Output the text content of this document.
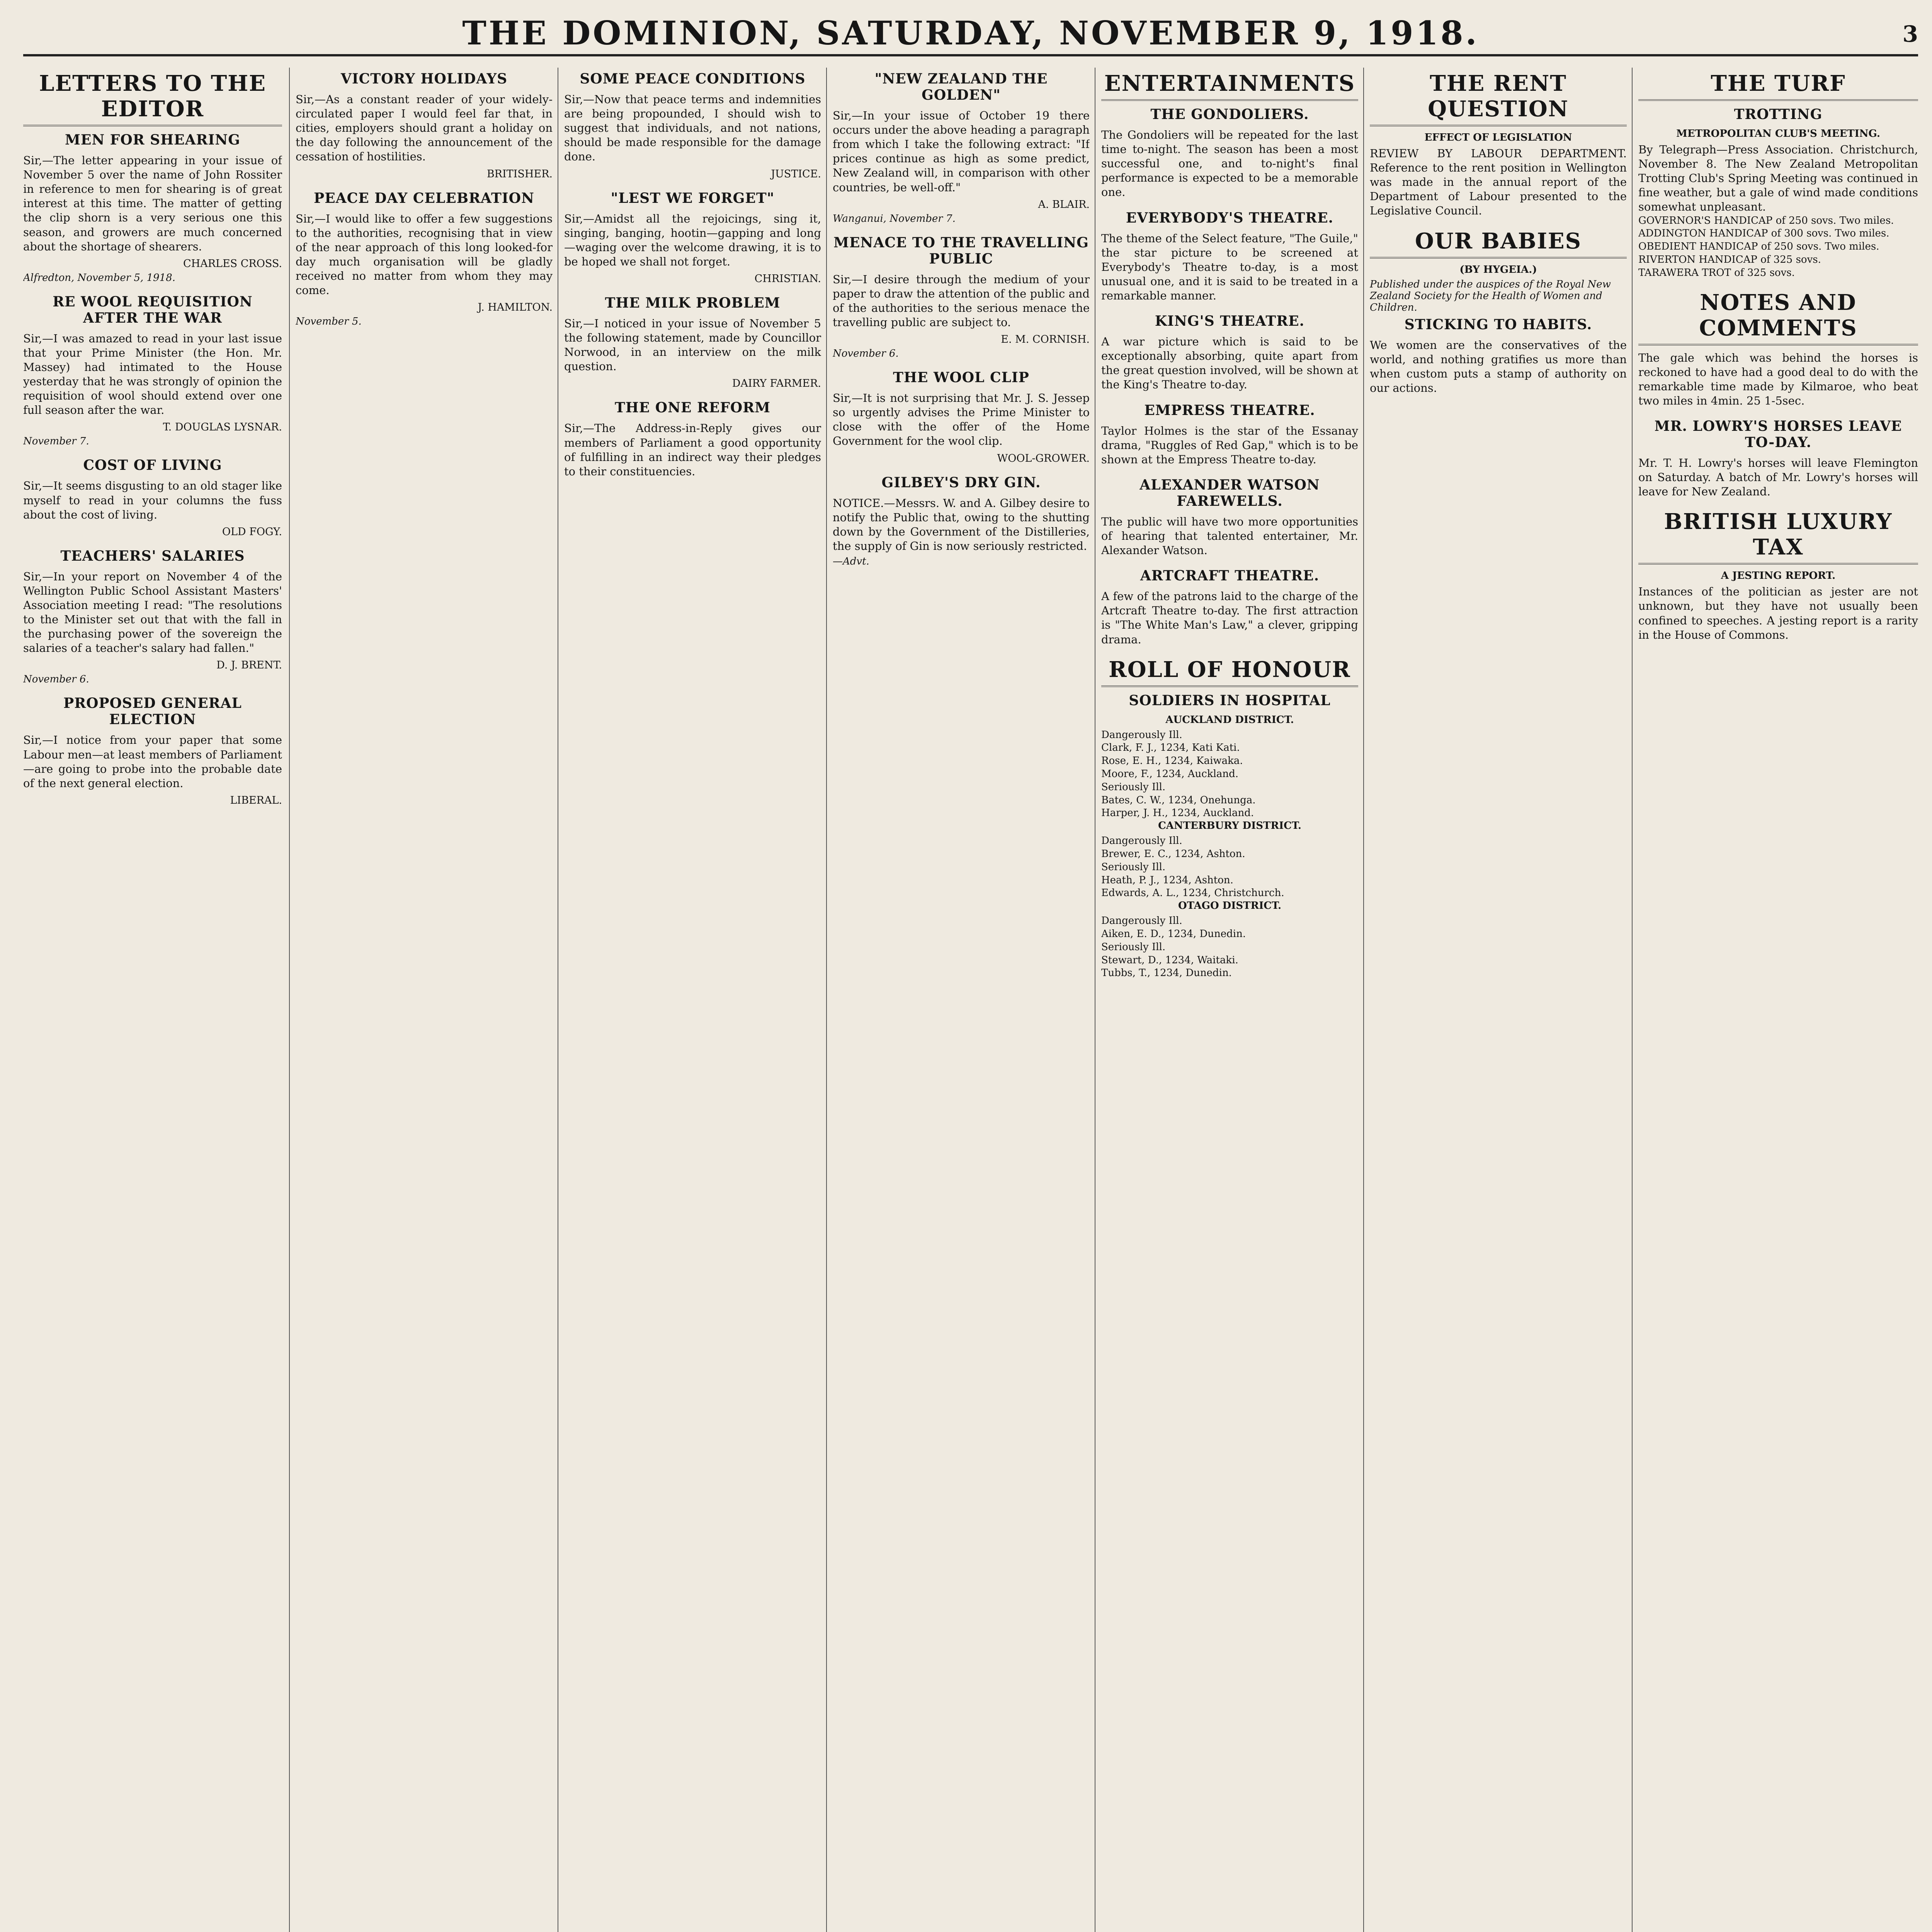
THE DOMINION, SATURDAY, NOVEMBER 9, 1918.	3
LETTERS TO THE EDITOR
MEN FOR SHEARING

Sir,—The letter appearing in your issue of November 5 over the name of John Rossiter in reference to men for shearing is of great interest at this time. The matter of getting the clip shorn is a very serious one this season, and growers are much concerned about the shortage of shearers.

CHARLES CROSS.

Alfredton, November 5, 1918.

RE WOOL REQUISITION AFTER THE WAR

Sir,—I was amazed to read in your last issue that your Prime Minister (the Hon. Mr. Massey) had intimated to the House yesterday that he was strongly of opinion the requisition of wool should extend over one full season after the war.

T. DOUGLAS LYSNAR.

November 7.

COST OF LIVING

Sir,—It seems disgusting to an old stager like myself to read in your columns the fuss about the cost of living.

OLD FOGY.

TEACHERS' SALARIES

Sir,—In your report on November 4 of the Wellington Public School Assistant Masters' Association meeting I read: "The resolutions to the Minister set out that with the fall in the purchasing power of the sovereign the salaries of a teacher's salary had fallen."

D. J. BRENT.

November 6.

PROPOSED GENERAL ELECTION

Sir,—I notice from your paper that some Labour men—at least members of Parliament—are going to probe into the probable date of the next general election.

LIBERAL.

VICTORY HOLIDAYS

Sir,—As a constant reader of your widely-circulated paper I would feel far that, in cities, employers should grant a holiday on the day following the announcement of the cessation of hostilities.

BRITISHER.

PEACE DAY CELEBRATION

Sir,—I would like to offer a few suggestions to the authorities, recognising that in view of the near approach of this long looked-for day much organisation will be gladly received no matter from whom they may come.

J. HAMILTON.

November 5.

SOME PEACE CONDITIONS

Sir,—Now that peace terms and indemnities are being propounded, I should wish to suggest that individuals, and not nations, should be made responsible for the damage done.

JUSTICE.

"LEST WE FORGET"

Sir,—Amidst all the rejoicings, sing it, singing, banging, hootin—gapping and long—waging over the welcome drawing, it is to be hoped we shall not forget.

CHRISTIAN.

THE MILK PROBLEM

Sir,—I noticed in your issue of November 5 the following statement, made by Councillor Norwood, in an interview on the milk question.

DAIRY FARMER.

THE ONE REFORM

Sir,—The Address-in-Reply gives our members of Parliament a good opportunity of fulfilling in an indirect way their pledges to their constituencies.

"NEW ZEALAND THE GOLDEN"

Sir,—In your issue of October 19 there occurs under the above heading a paragraph from which I take the following extract: "If prices continue as high as some predict, New Zealand will, in comparison with other countries, be well-off."

A. BLAIR.

Wanganui, November 7.

MENACE TO THE TRAVELLING PUBLIC

Sir,—I desire through the medium of your paper to draw the attention of the public and of the authorities to the serious menace the travelling public are subject to.

E. M. CORNISH.

November 6.

THE WOOL CLIP

Sir,—It is not surprising that Mr. J. S. Jessep so urgently advises the Prime Minister to close with the offer of the Home Government for the wool clip.

WOOL-GROWER.

GILBEY'S DRY GIN.

NOTICE.—Messrs. W. and A. Gilbey desire to notify the Public that, owing to the shutting down by the Government of the Distilleries, the supply of Gin is now seriously restricted.

—Advt.

ENTERTAINMENTS
THE GONDOLIERS.

The Gondoliers will be repeated for the last time to-night. The season has been a most successful one, and to-night's final performance is expected to be a memorable one.

EVERYBODY'S THEATRE.

The theme of the Select feature, "The Guile," the star picture to be screened at Everybody's Theatre to-day, is a most unusual one, and it is said to be treated in a remarkable manner.

KING'S THEATRE.

A war picture which is said to be exceptionally absorbing, quite apart from the great question involved, will be shown at the King's Theatre to-day.

EMPRESS THEATRE.

Taylor Holmes is the star of the Essanay drama, "Ruggles of Red Gap," which is to be shown at the Empress Theatre to-day.

ALEXANDER WATSON FAREWELLS.

The public will have two more opportunities of hearing that talented entertainer, Mr. Alexander Watson.

ARTCRAFT THEATRE.

A few of the patrons laid to the charge of the Artcraft Theatre to-day. The first attraction is "The White Man's Law," a clever, gripping drama.

ROLL OF HONOUR
SOLDIERS IN HOSPITAL
AUCKLAND DISTRICT.

Dangerously Ill.

Clark, F. J., 1234, Kati Kati.

Rose, E. H., 1234, Kaiwaka.

Moore, F., 1234, Auckland.

Seriously Ill.

Bates, C. W., 1234, Onehunga.

Harper, J. H., 1234, Auckland.

CANTERBURY DISTRICT.

Dangerously Ill.

Brewer, E. C., 1234, Ashton.

Seriously Ill.

Heath, P. J., 1234, Ashton.

Edwards, A. L., 1234, Christchurch.

OTAGO DISTRICT.

Dangerously Ill.

Aiken, E. D., 1234, Dunedin.

Seriously Ill.

Stewart, D., 1234, Waitaki.

Tubbs, T., 1234, Dunedin.

THE RENT QUESTION
EFFECT OF LEGISLATION

REVIEW BY LABOUR DEPARTMENT. Reference to the rent position in Wellington was made in the annual report of the Department of Labour presented to the Legislative Council.

OUR BABIES
(BY HYGEIA.)

Published under the auspices of the Royal New Zealand Society for the Health of Women and Children.

STICKING TO HABITS.

We women are the conservatives of the world, and nothing gratifies us more than when custom puts a stamp of authority on our actions.

THE TURF
TROTTING
METROPOLITAN CLUB'S MEETING.

By Telegraph—Press Association. Christchurch, November 8. The New Zealand Metropolitan Trotting Club's Spring Meeting was continued in fine weather, but a gale of wind made conditions somewhat unpleasant.

GOVERNOR'S HANDICAP of 250 sovs. Two miles.

ADDINGTON HANDICAP of 300 sovs. Two miles.

OBEDIENT HANDICAP of 250 sovs. Two miles.

RIVERTON HANDICAP of 325 sovs.

TARAWERA TROT of 325 sovs.

NOTES AND COMMENTS

The gale which was behind the horses is reckoned to have had a good deal to do with the remarkable time made by Kilmaroe, who beat two miles in 4min. 25 1-5sec.

MR. LOWRY'S HORSES LEAVE TO-DAY.

Mr. T. H. Lowry's horses will leave Flemington on Saturday. A batch of Mr. Lowry's horses will leave for New Zealand.

BRITISH LUXURY TAX
A JESTING REPORT.

Instances of the politician as jester are not unknown, but they have not usually been confined to speeches. A jesting report is a rarity in the House of Commons.
